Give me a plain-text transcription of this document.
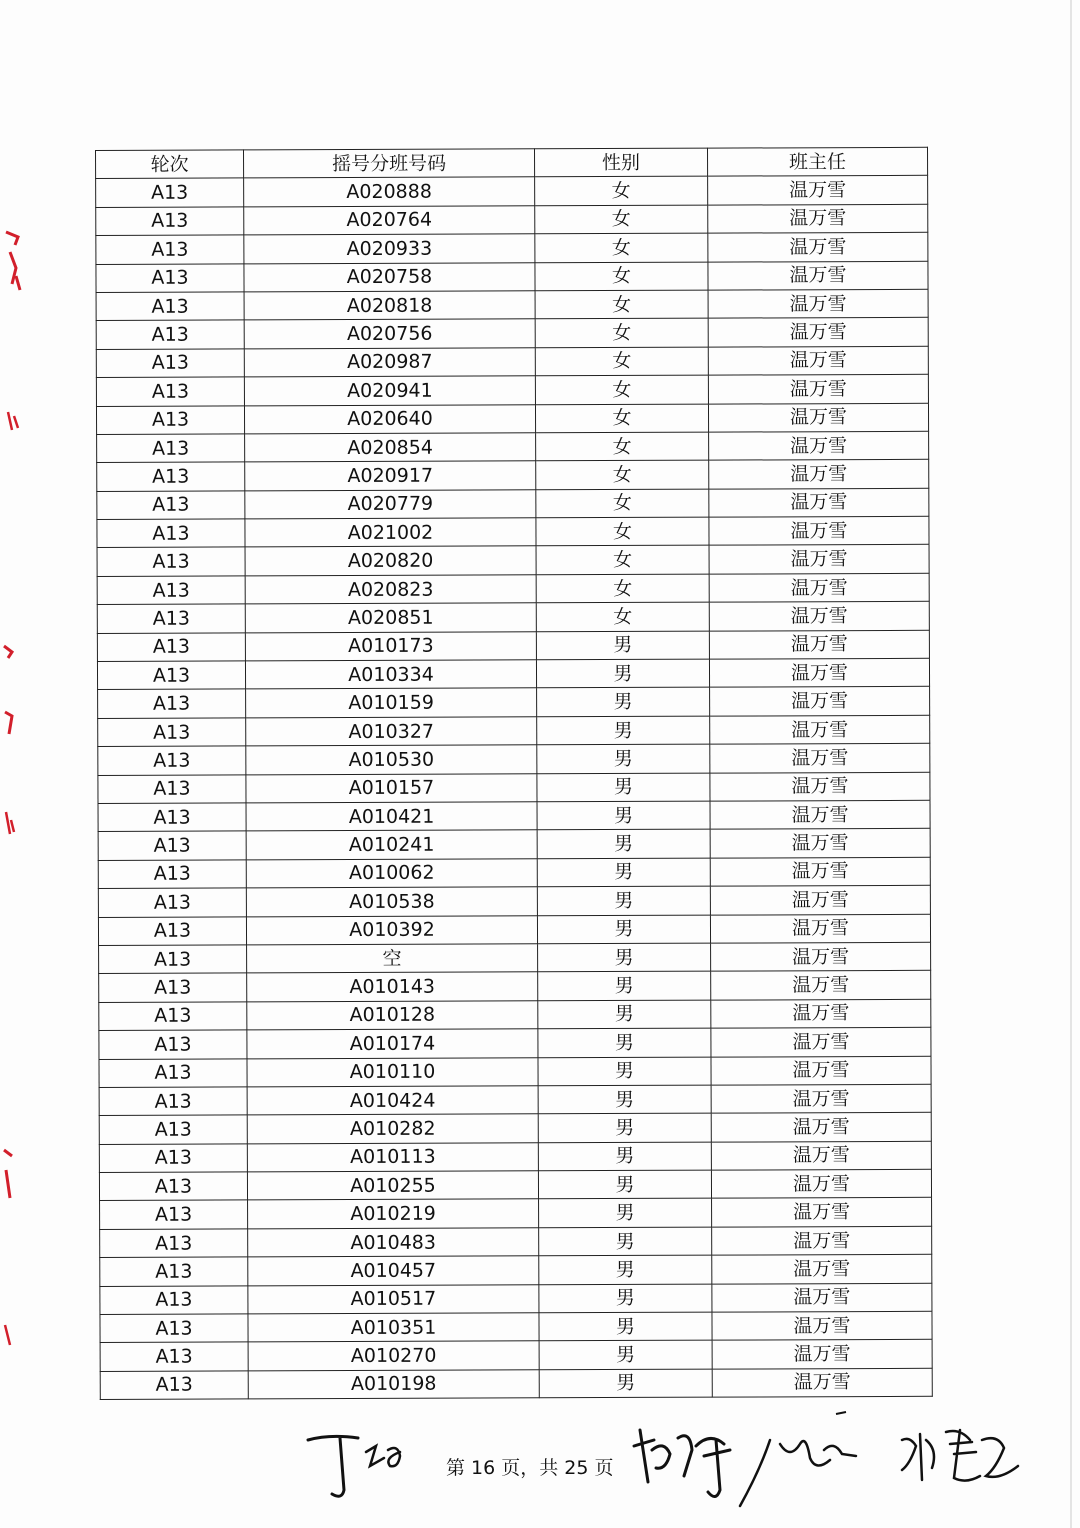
轮次	摇号分班号码	性别	班主任
A13	A020888	女	温万雪
A13	A020764	女	温万雪
A13	A020933	女	温万雪
A13	A020758	女	温万雪
A13	A020818	女	温万雪
A13	A020756	女	温万雪
A13	A020987	女	温万雪
A13	A020941	女	温万雪
A13	A020640	女	温万雪
A13	A020854	女	温万雪
A13	A020917	女	温万雪
A13	A020779	女	温万雪
A13	A021002	女	温万雪
A13	A020820	女	温万雪
A13	A020823	女	温万雪
A13	A020851	女	温万雪
A13	A010173	男	温万雪
A13	A010334	男	温万雪
A13	A010159	男	温万雪
A13	A010327	男	温万雪
A13	A010530	男	温万雪
A13	A010157	男	温万雪
A13	A010421	男	温万雪
A13	A010241	男	温万雪
A13	A010062	男	温万雪
A13	A010538	男	温万雪
A13	A010392	男	温万雪
A13	空	男	温万雪
A13	A010143	男	温万雪
A13	A010128	男	温万雪
A13	A010174	男	温万雪
A13	A010110	男	温万雪
A13	A010424	男	温万雪
A13	A010282	男	温万雪
A13	A010113	男	温万雪
A13	A010255	男	温万雪
A13	A010219	男	温万雪
A13	A010483	男	温万雪
A13	A010457	男	温万雪
A13	A010517	男	温万雪
A13	A010351	男	温万雪
A13	A010270	男	温万雪
A13	A010198	男	温万雪
第 16 页，共 25 页
